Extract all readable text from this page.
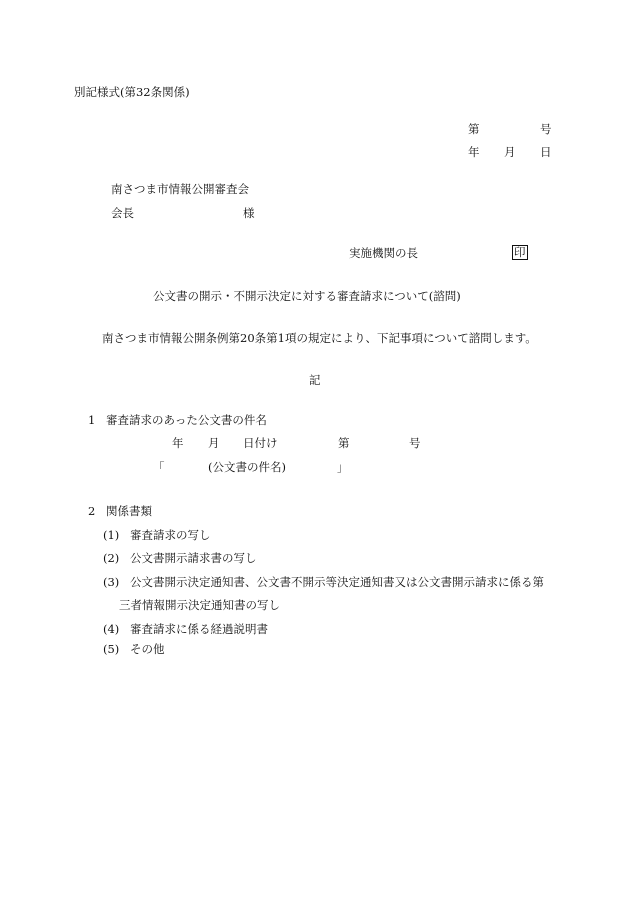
別記様式(第32条関係)
第	号
年 月 日
南さつま市情報公開審査会
会長	様
実施機関の長	印
公文書の開示・不開示決定に対する審査請求について(諮問)
南さつま市情報公開条例第20条第1項の規定により、下記事項について諮問します。
記
1 審査請求のあった公文書の件名
年 月 日付け	第	号
「	(公文書の件名)	」
2 関係書類
(1) 審査請求の写し
(2) 公文書開示請求書の写し
(3) 公文書開示決定通知書、公文書不開示等決定通知書又は公文書開示請求に係る第
三者情報開示決定通知書の写し
(4) 審査請求に係る経過説明書
(5) その他
